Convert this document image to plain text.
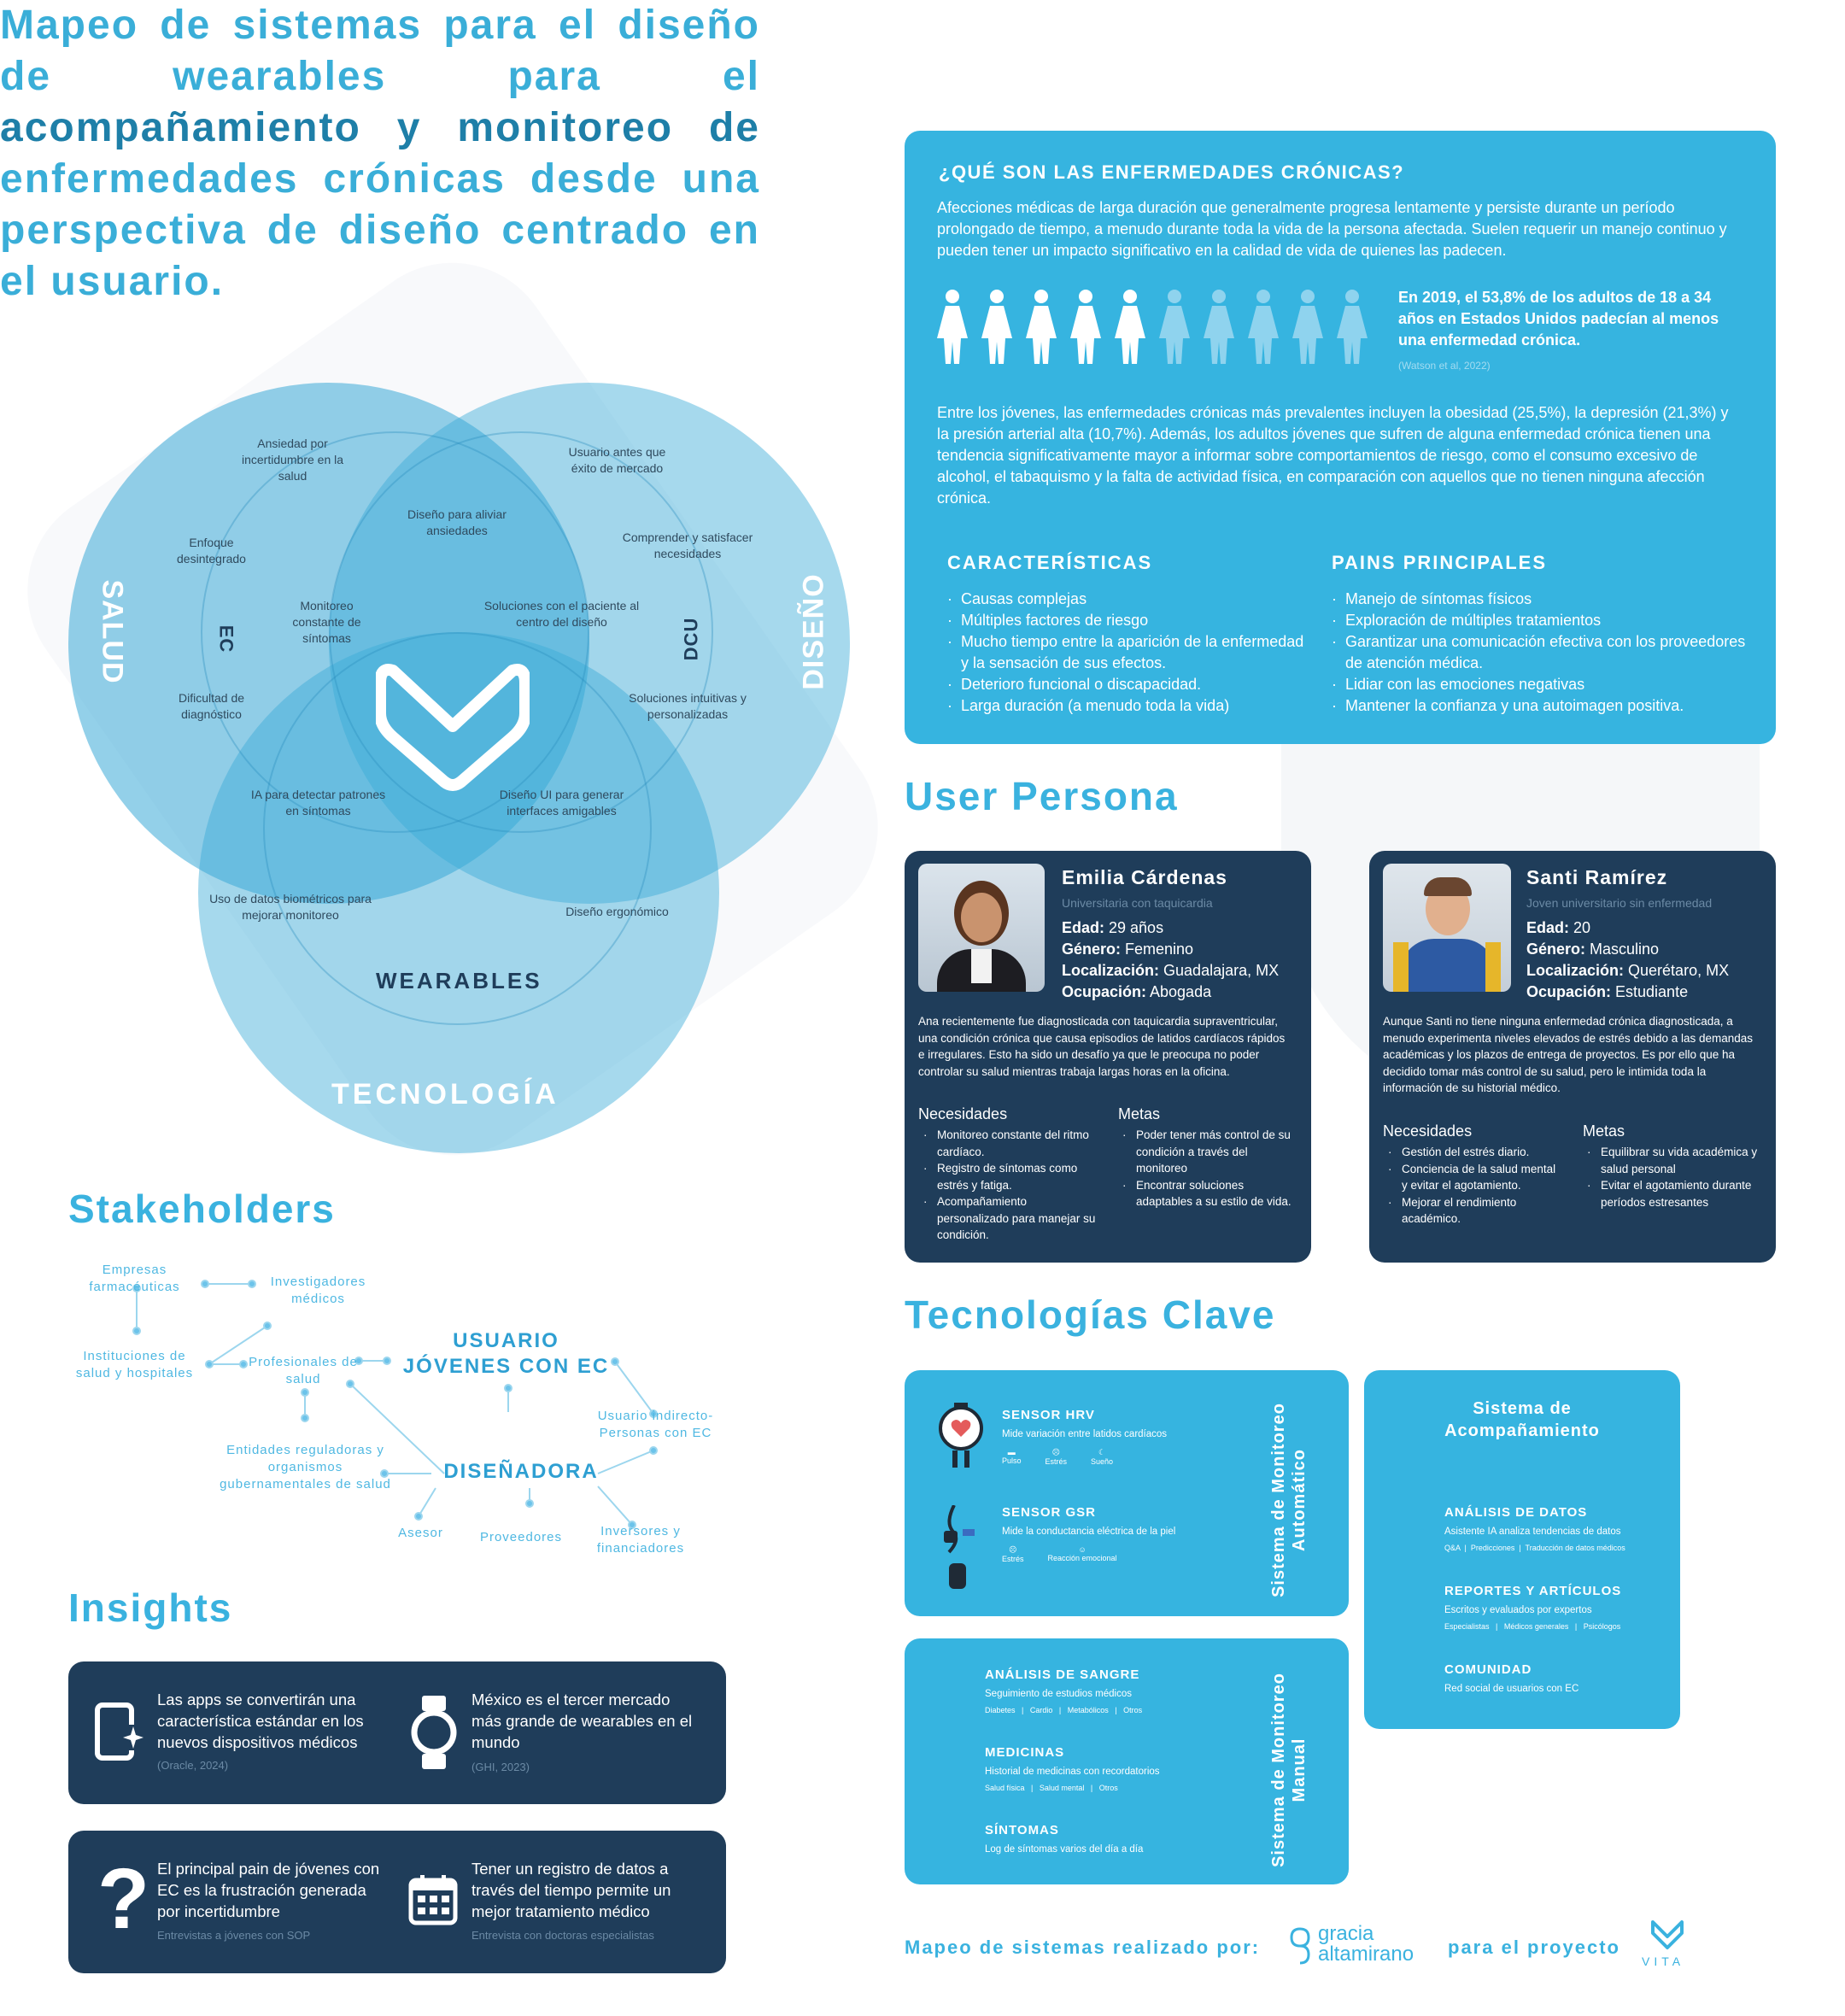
Mapeo de sistemas para el diseño de wearables para el acompañamiento y monitoreo de enfermedades crónicas desde una perspectiva de diseño centrado en el usuario.
SALUD	DISEÑO
TECNOLOGÍA
WEARABLES
EC	DCU
Ansiedad por incertidumbre en la salud
Usuario antes que éxito de mercado
Diseño para aliviar ansiedades
Enfoque desintegrado
Comprender y satisfacer necesidades
Monitoreo constante de síntomas
Soluciones con el paciente al centro del diseño
Dificultad de diagnóstico
Soluciones intuitivas y personalizadas
IA para detectar patrones en síntomas
Diseño UI para generar interfaces amigables
Uso de datos biométricos para mejorar monitoreo	Diseño ergonómico
¿QUÉ SON LAS ENFERMEDADES CRÓNICAS?
Afecciones médicas de larga duración que generalmente progresa lentamente y persiste durante un período prolongado de tiempo, a menudo durante toda la vida de la persona afectada. Suelen requerir un manejo continuo y pueden tener un impacto significativo en la calidad de vida de quienes las padecen.
En 2019, el 53,8% de los adultos de 18 a 34 años en Estados Unidos padecían al menos una enfermedad crónica.
(Watson et al, 2022)
Entre los jóvenes, las enfermedades crónicas más prevalentes incluyen la obesidad (25,5%), la depresión (21,3%) y la presión arterial alta (10,7%). Además, los adultos jóvenes que sufren de alguna enfermedad crónica tienen una tendencia significativamente mayor a informar sobre comportamientos de riesgo, como el consumo excesivo de alcohol, el tabaquismo y la falta de actividad física, en comparación con aquellos que no tienen ninguna afección crónica.
CARACTERÍSTICAS
· Causas complejas
· Múltiples factores de riesgo
· Mucho tiempo entre la aparición de la enfermedad y la sensación de sus efectos.
· Deterioro funcional o discapacidad.
· Larga duración (a menudo toda la vida)
PAINS PRINCIPALES
· Manejo de síntomas físicos
· Exploración de múltiples tratamientos
· Garantizar una comunicación efectiva con los proveedores de atención médica.
· Lidiar con las emociones negativas
· Mantener la confianza y una autoimagen positiva.
User Persona
Emilia Cárdenas
Universitaria con taquicardia
Edad: 29 años
Género: Femenino
Localización: Guadalajara, MX
Ocupación: Abogada
Ana recientemente fue diagnosticada con taquicardia supraventricular, una condición crónica que causa episodios de latidos cardíacos rápidos e irregulares. Esto ha sido un desafío ya que le preocupa no poder controlar su salud mientras trabaja largas horas en la oficina.
Necesidades
· Monitoreo constante del ritmo cardíaco.
· Registro de síntomas como estrés y fatiga.
· Acompañamiento personalizado para manejar su condición.
Metas
· Poder tener más control de su condición a través del monitoreo
· Encontrar soluciones adaptables a su estilo de vida.
Santi Ramírez
Joven universitario sin enfermedad
Edad: 20
Género: Masculino
Localización: Querétaro, MX
Ocupación: Estudiante
Aunque Santi no tiene ninguna enfermedad crónica diagnosticada, a menudo experimenta niveles elevados de estrés debido a las demandas académicas y los plazos de entrega de proyectos. Es por ello que ha decidido tomar más control de su salud, pero le intimida toda la información de su historial médico.
Necesidades
· Gestión del estrés diario.
· Conciencia de la salud mental y evitar el agotamiento.
· Mejorar el rendimiento académico.
Metas
· Equilibrar su vida académica y salud personal
· Evitar el agotamiento durante períodos estresantes
Stakeholders
Empresas farmacéuticas	Investigadores médicos
Instituciones de salud y hospitales
Profesionales de salud
USUARIO JÓVENES CON EC
Usuario indirecto- Personas con EC
Entidades reguladoras y organismos gubernamentales de salud
DISEÑADORA
Asesor	Proveedores	Inversores y financiadores
Insights
Las apps se convertirán una característica estándar en los nuevos dispositivos médicos
(Oracle, 2024)
México es el tercer mercado más grande de wearables en el mundo
(GHI, 2023)
? El principal pain de jóvenes con EC es la frustración generada por incertidumbre
Entrevistas a jóvenes con SOP
Tener un registro de datos a través del tiempo permite un mejor tratamiento médico
Entrevista con doctoras especialistas
Tecnologías Clave
SENSOR HRV
Mide variación entre latidos cardíacos
▬
Pulso
☹
Estrés
☾
Sueño
SENSOR GSR
Mide la conductancia eléctrica de la piel
☹
Estrés
☺
Reacción emocional	Sistema de Monitoreo Automático
ANÁLISIS DE SANGRE
Seguimiento de estudios médicos
Diabetes   |   Cardio   |   Metabólicos   |   Otros
MEDICINAS
Historial de medicinas con recordatorios
Salud física   |   Salud mental   |   Otros
SÍNTOMAS
Log de síntomas varios del día a día	Sistema de Monitoreo Manual
Sistema de Acompañamiento
ANÁLISIS DE DATOS
Asistente IA analiza tendencias de datos
Q&A  |  Predicciones  |  Traducción de datos médicos
REPORTES Y ARTÍCULOS
Escritos y evaluados por expertos
Especialistas   |   Médicos generales   |   Psicólogos
COMUNIDAD
Red social de usuarios con EC
Mapeo de sistemas realizado por:
gracia
altamirano para el proyecto
VITA
